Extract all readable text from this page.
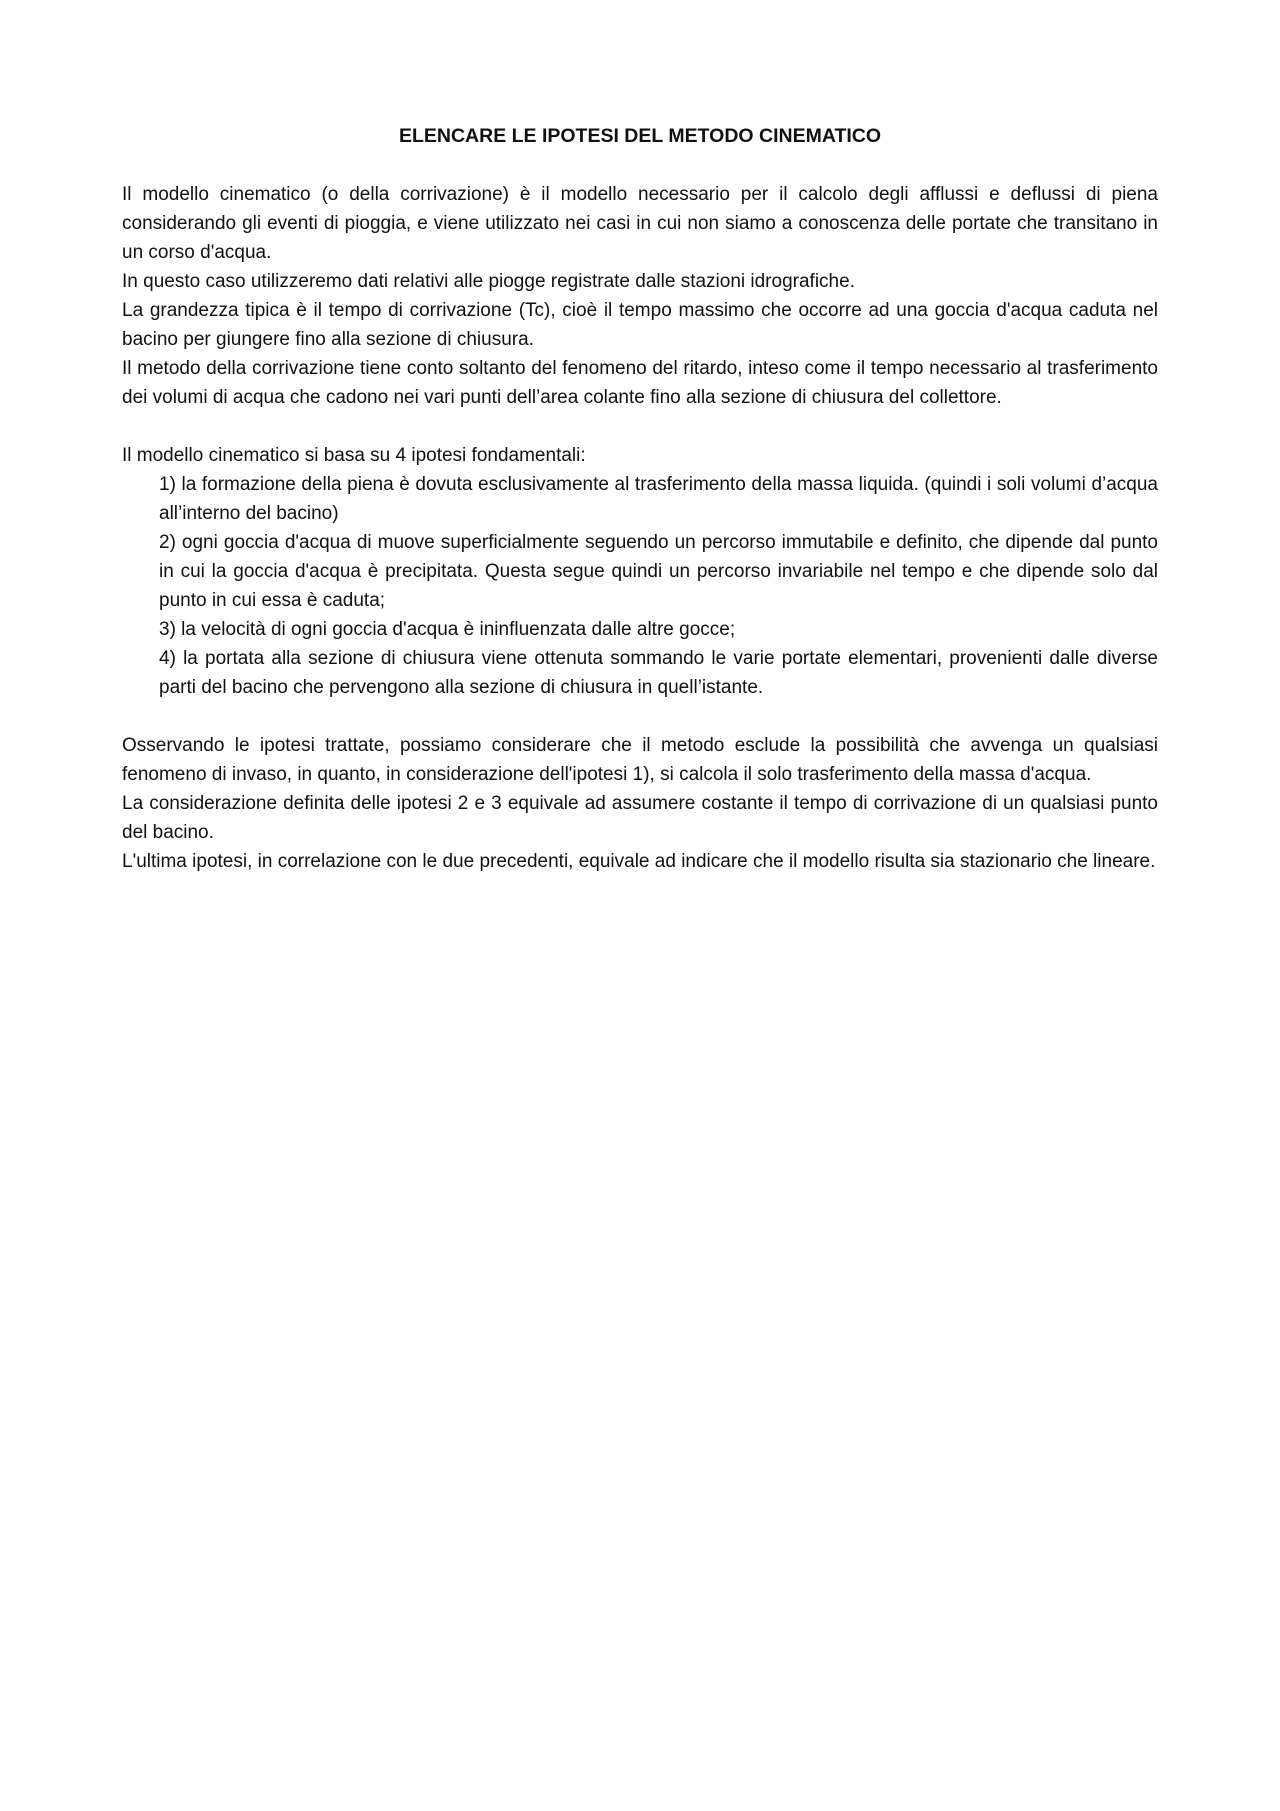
ELENCARE LE IPOTESI DEL METODO CINEMATICO

Il modello cinematico (o della corrivazione) è il modello necessario per il calcolo degli afflussi e deflussi di piena considerando gli eventi di pioggia, e viene utilizzato nei casi in cui non siamo a conoscenza delle portate che transitano in un corso d'acqua.

In questo caso utilizzeremo dati relativi alle piogge registrate dalle stazioni idrografiche.

La grandezza tipica è il tempo di corrivazione (Tc), cioè il tempo massimo che occorre ad una goccia d'acqua caduta nel bacino per giungere fino alla sezione di chiusura.

Il metodo della corrivazione tiene conto soltanto del fenomeno del ritardo, inteso come il tempo necessario al trasferimento dei volumi di acqua che cadono nei vari punti dell’area colante fino alla sezione di chiusura del collettore.

Il modello cinematico si basa su 4 ipotesi fondamentali:

1) la formazione della piena è dovuta esclusivamente al trasferimento della massa liquida. (quindi i soli volumi d’acqua all’interno del bacino)
2) ogni goccia d'acqua di muove superficialmente seguendo un percorso immutabile e definito, che dipende dal punto in cui la goccia d'acqua è precipitata. Questa segue quindi un percorso invariabile nel tempo e che dipende solo dal punto in cui essa è caduta;
3) la velocità di ogni goccia d'acqua è ininfluenzata dalle altre gocce;
4) la portata alla sezione di chiusura viene ottenuta sommando le varie portate elementari, provenienti dalle diverse parti del bacino che pervengono alla sezione di chiusura in quell’istante.

Osservando le ipotesi trattate, possiamo considerare che il metodo esclude la possibilità che avvenga un qualsiasi fenomeno di invaso, in quanto, in considerazione dell'ipotesi 1), si calcola il solo trasferimento della massa d'acqua.

La considerazione definita delle ipotesi 2 e 3 equivale ad assumere costante il tempo di corrivazione di un qualsiasi punto del bacino.

L'ultima ipotesi, in correlazione con le due precedenti, equivale ad indicare che il modello risulta sia stazionario che lineare.
